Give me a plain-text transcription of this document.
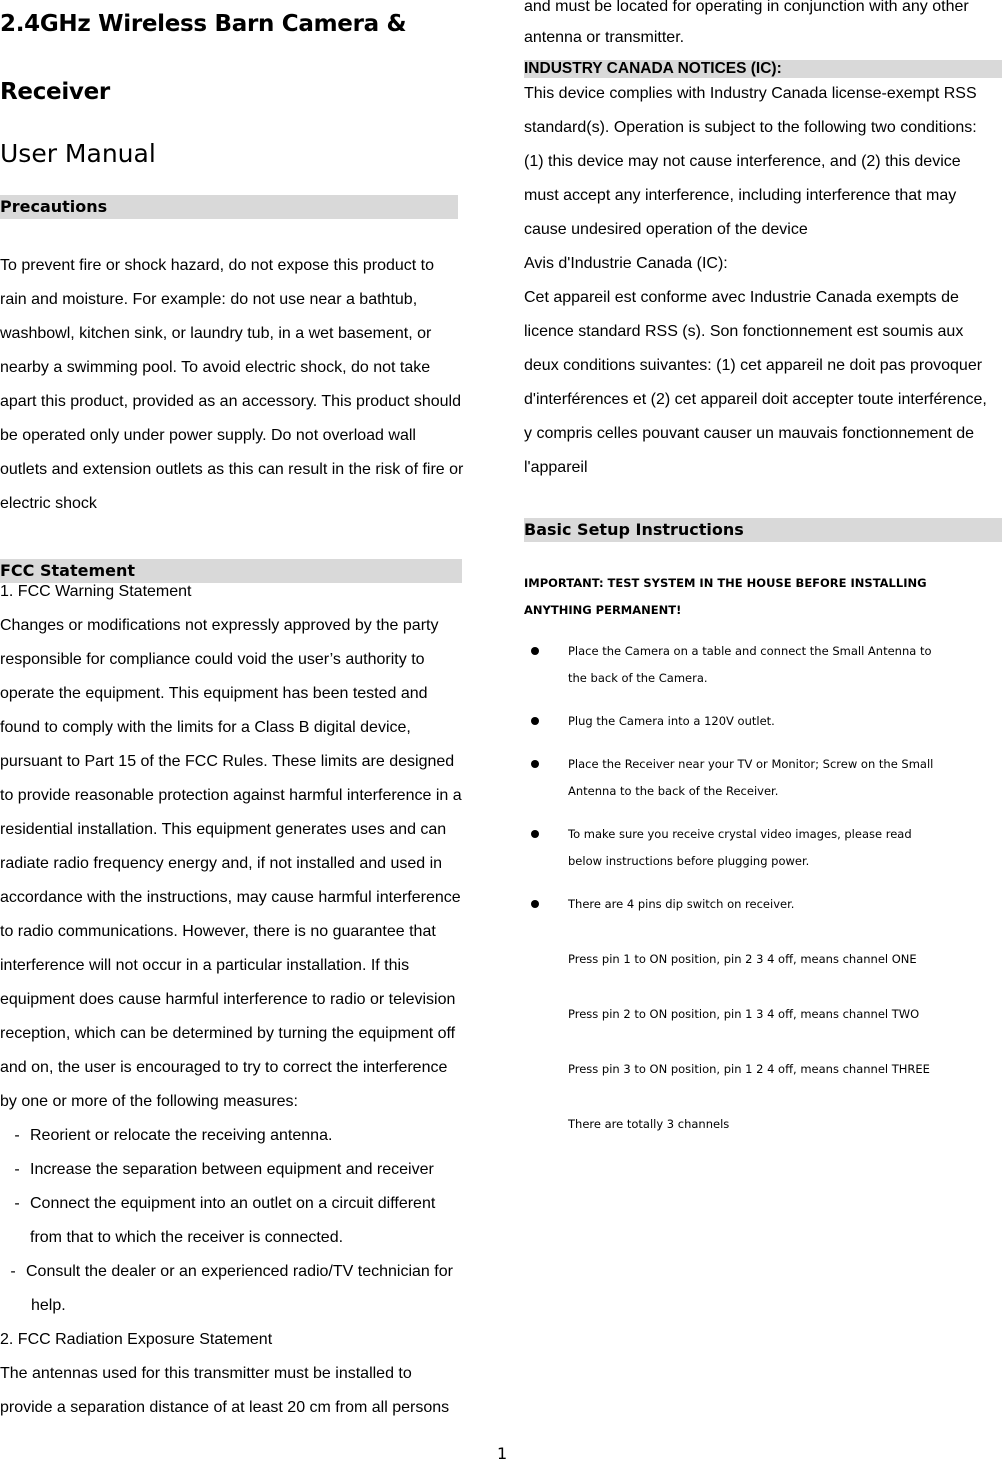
2.4GHz Wireless Barn Camera &
Receiver
User Manual
Precautions

To prevent fire or shock hazard, do not expose this product to

rain and moisture. For example: do not use near a bathtub,

washbowl, kitchen sink, or laundry tub, in a wet basement, or

nearby a swimming pool. To avoid electric shock, do not take

apart this product, provided as an accessory. This product should

be operated only under power supply. Do not overload wall

outlets and extension outlets as this can result in the risk of fire or

electric shock

FCC Statement

1. FCC Warning Statement

Changes or modifications not expressly approved by the party

responsible for compliance could void the user’s authority to

operate the equipment. This equipment has been tested and

found to comply with the limits for a Class B digital device,

pursuant to Part 15 of the FCC Rules. These limits are designed

to provide reasonable protection against harmful interference in a

residential installation. This equipment generates uses and can

radiate radio frequency energy and, if not installed and used in

accordance with the instructions, may cause harmful interference

to radio communications. However, there is no guarantee that

interference will not occur in a particular installation. If this

equipment does cause harmful interference to radio or television

reception, which can be determined by turning the equipment off

and on, the user is encouraged to try to correct the interference

by one or more of the following measures:

- Reorient or relocate the receiving antenna.
- Increase the separation between equipment and receiver
- Connect the equipment into an outlet on a circuit different
from that to which the receiver is connected.
- Consult the dealer or an experienced radio/TV technician for
help.

2. FCC Radiation Exposure Statement

The antennas used for this transmitter must be installed to

provide a separation distance of at least 20 cm from all persons

and must be located for operating in conjunction with any other

antenna or transmitter.

INDUSTRY CANADA NOTICES (IC):

This device complies with Industry Canada license-exempt RSS

standard(s). Operation is subject to the following two conditions:

(1) this device may not cause interference, and (2) this device

must accept any interference, including interference that may

cause undesired operation of the device

Avis d'Industrie Canada (IC):

Cet appareil est conforme avec Industrie Canada exempts de

licence standard RSS (s). Son fonctionnement est soumis aux

deux conditions suivantes: (1) cet appareil ne doit pas provoquer

d'interférences et (2) cet appareil doit accepter toute interférence,

y compris celles pouvant causer un mauvais fonctionnement de

l'appareil

Basic Setup Instructions
IMPORTANT: TEST SYSTEM IN THE HOUSE BEFORE INSTALLING
ANYTHING PERMANENT!
Place the Camera on a table and connect the Small Antenna to
the back of the Camera.
Plug the Camera into a 120V outlet.
Place the Receiver near your TV or Monitor; Screw on the Small
Antenna to the back of the Receiver.
To make sure you receive crystal video images, please read
below instructions before plugging power.
There are 4 pins dip switch on receiver.
Press pin 1 to ON position, pin 2 3 4 off, means channel ONE
Press pin 2 to ON position, pin 1 3 4 off, means channel TWO
Press pin 3 to ON position, pin 1 2 4 off, means channel THREE
There are totally 3 channels
1
